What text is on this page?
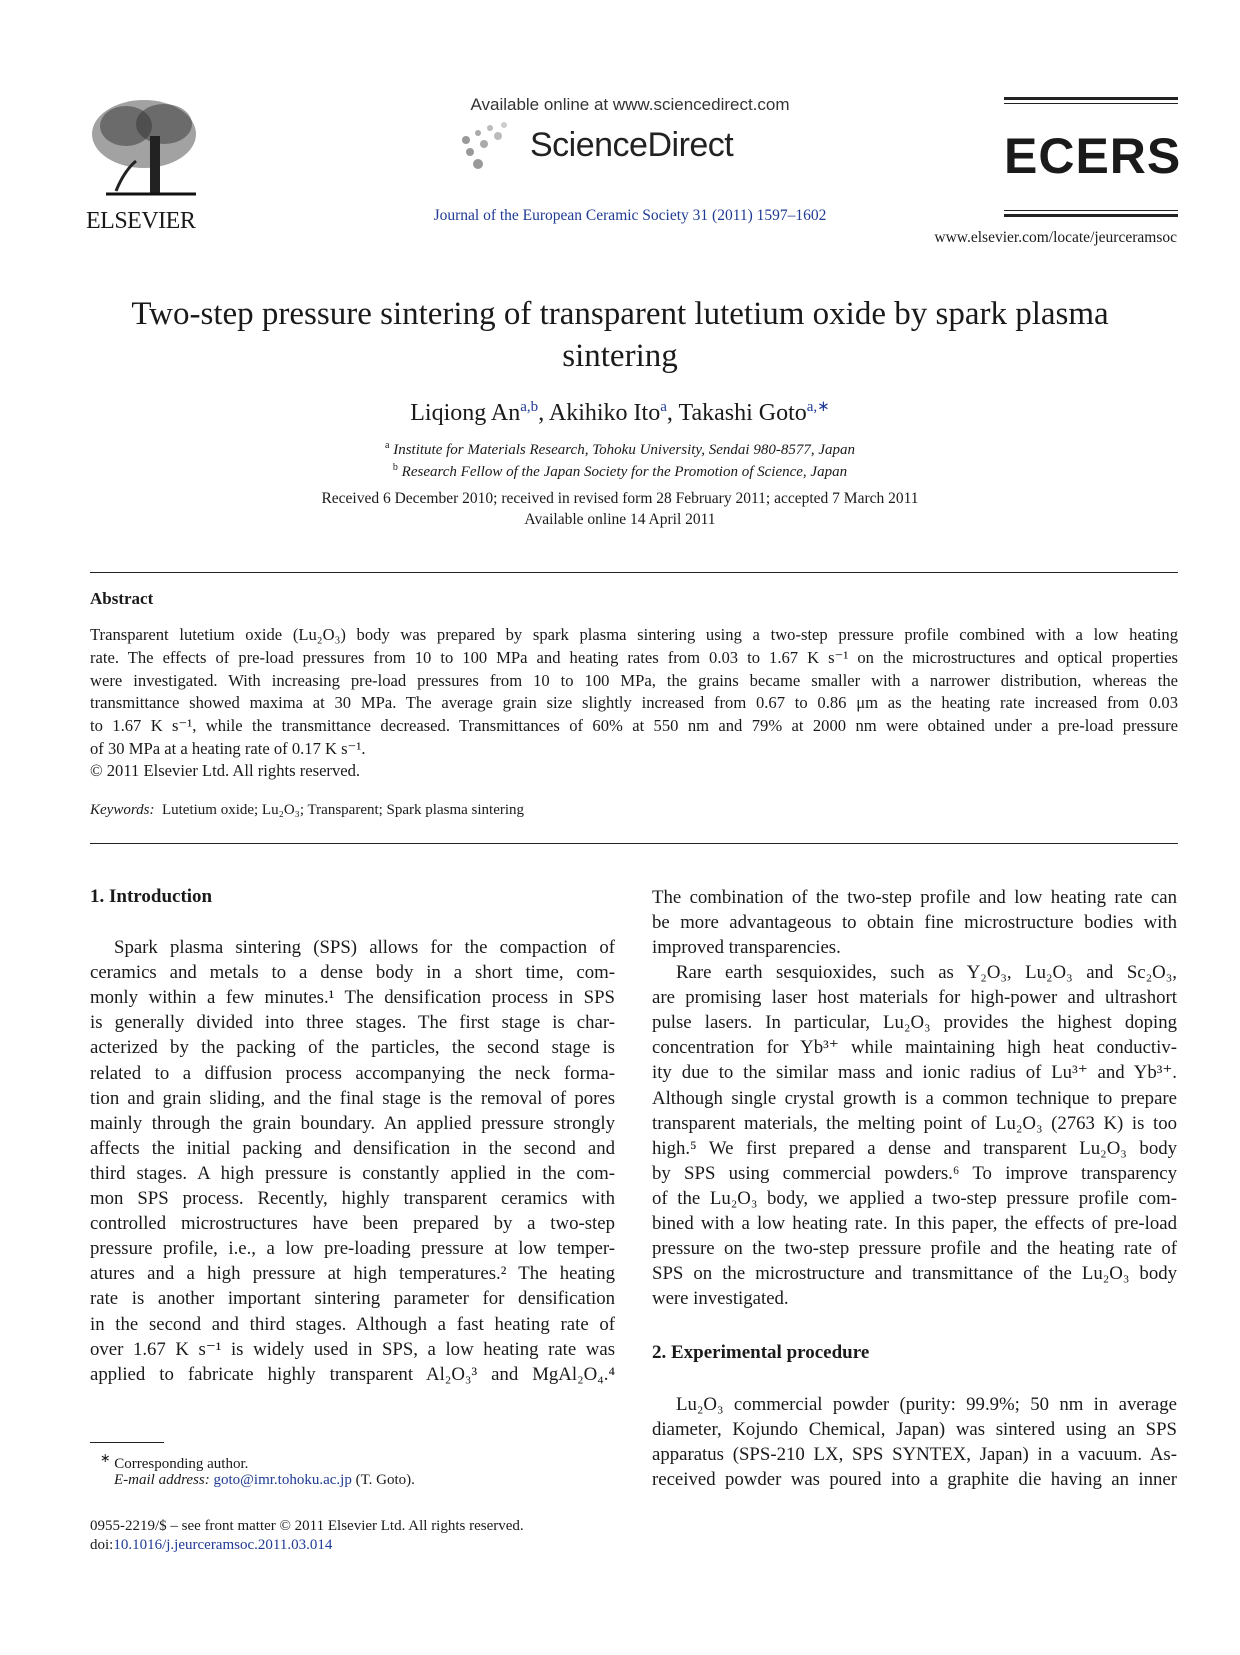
ELSEVIER
Available online at www.sciencedirect.com
ScienceDirect
Journal of the European Ceramic Society 31 (2011) 1597–1602
ECERS
www.elsevier.com/locate/jeurceramsoc
Two-step pressure sintering of transparent lutetium oxide by spark plasma
sintering
Liqiong An$^{a,b}$, Akihiko Ito$^a$, Takashi Goto$^{a,∗}$
$^a$ Institute for Materials Research, Tohoku University, Sendai 980-8577, Japan
$^b$ Research Fellow of the Japan Society for the Promotion of Science, Japan
Received 6 December 2010; received in revised form 28 February 2011; accepted 7 March 2011
Available online 14 April 2011
Abstract
Transparent lutetium oxide (Lu₂O₃) body was prepared by spark plasma sintering using a two-step pressure profile combined with a low heating
rate. The effects of pre-load pressures from 10 to 100 MPa and heating rates from 0.03 to 1.67 K s⁻¹ on the microstructures and optical properties
were investigated. With increasing pre-load pressures from 10 to 100 MPa, the grains became smaller with a narrower distribution, whereas the
transmittance showed maxima at 30 MPa. The average grain size slightly increased from 0.67 to 0.86 μm as the heating rate increased from 0.03
to 1.67 K s⁻¹, while the transmittance decreased. Transmittances of 60% at 550 nm and 79% at 2000 nm were obtained under a pre-load pressure
of 30 MPa at a heating rate of 0.17 K s⁻¹.
© 2011 Elsevier Ltd. All rights reserved.
Keywords: Lutetium oxide; Lu₂O₃; Transparent; Spark plasma sintering
1. Introduction
Spark plasma sintering (SPS) allows for the compaction of
ceramics and metals to a dense body in a short time, com-
monly within a few minutes.¹ The densification process in SPS
is generally divided into three stages. The first stage is char-
acterized by the packing of the particles, the second stage is
related to a diffusion process accompanying the neck forma-
tion and grain sliding, and the final stage is the removal of pores
mainly through the grain boundary. An applied pressure strongly
affects the initial packing and densification in the second and
third stages. A high pressure is constantly applied in the com-
mon SPS process. Recently, highly transparent ceramics with
controlled microstructures have been prepared by a two-step
pressure profile, i.e., a low pre-loading pressure at low temper-
atures and a high pressure at high temperatures.² The heating
rate is another important sintering parameter for densification
in the second and third stages. Although a fast heating rate of
over 1.67 K s⁻¹ is widely used in SPS, a low heating rate was
applied to fabricate highly transparent Al₂O₃³ and MgAl₂O₄.⁴
∗ Corresponding author.
E-mail address: goto@imr.tohoku.ac.jp (T. Goto).
0955-2219/$ – see front matter © 2011 Elsevier Ltd. All rights reserved.
doi:10.1016/j.jeurceramsoc.2011.03.014
The combination of the two-step profile and low heating rate can
be more advantageous to obtain fine microstructure bodies with
improved transparencies.
Rare earth sesquioxides, such as Y₂O₃, Lu₂O₃ and Sc₂O₃,
are promising laser host materials for high-power and ultrashort
pulse lasers. In particular, Lu₂O₃ provides the highest doping
concentration for Yb³⁺ while maintaining high heat conductiv-
ity due to the similar mass and ionic radius of Lu³⁺ and Yb³⁺.
Although single crystal growth is a common technique to prepare
transparent materials, the melting point of Lu₂O₃ (2763 K) is too
high.⁵ We first prepared a dense and transparent Lu₂O₃ body
by SPS using commercial powders.⁶ To improve transparency
of the Lu₂O₃ body, we applied a two-step pressure profile com-
bined with a low heating rate. In this paper, the effects of pre-load
pressure on the two-step pressure profile and the heating rate of
SPS on the microstructure and transmittance of the Lu₂O₃ body
were investigated.
2. Experimental procedure
Lu₂O₃ commercial powder (purity: 99.9%; 50 nm in average
diameter, Kojundo Chemical, Japan) was sintered using an SPS
apparatus (SPS-210 LX, SPS SYNTEX, Japan) in a vacuum. As-
received powder was poured into a graphite die having an inner
